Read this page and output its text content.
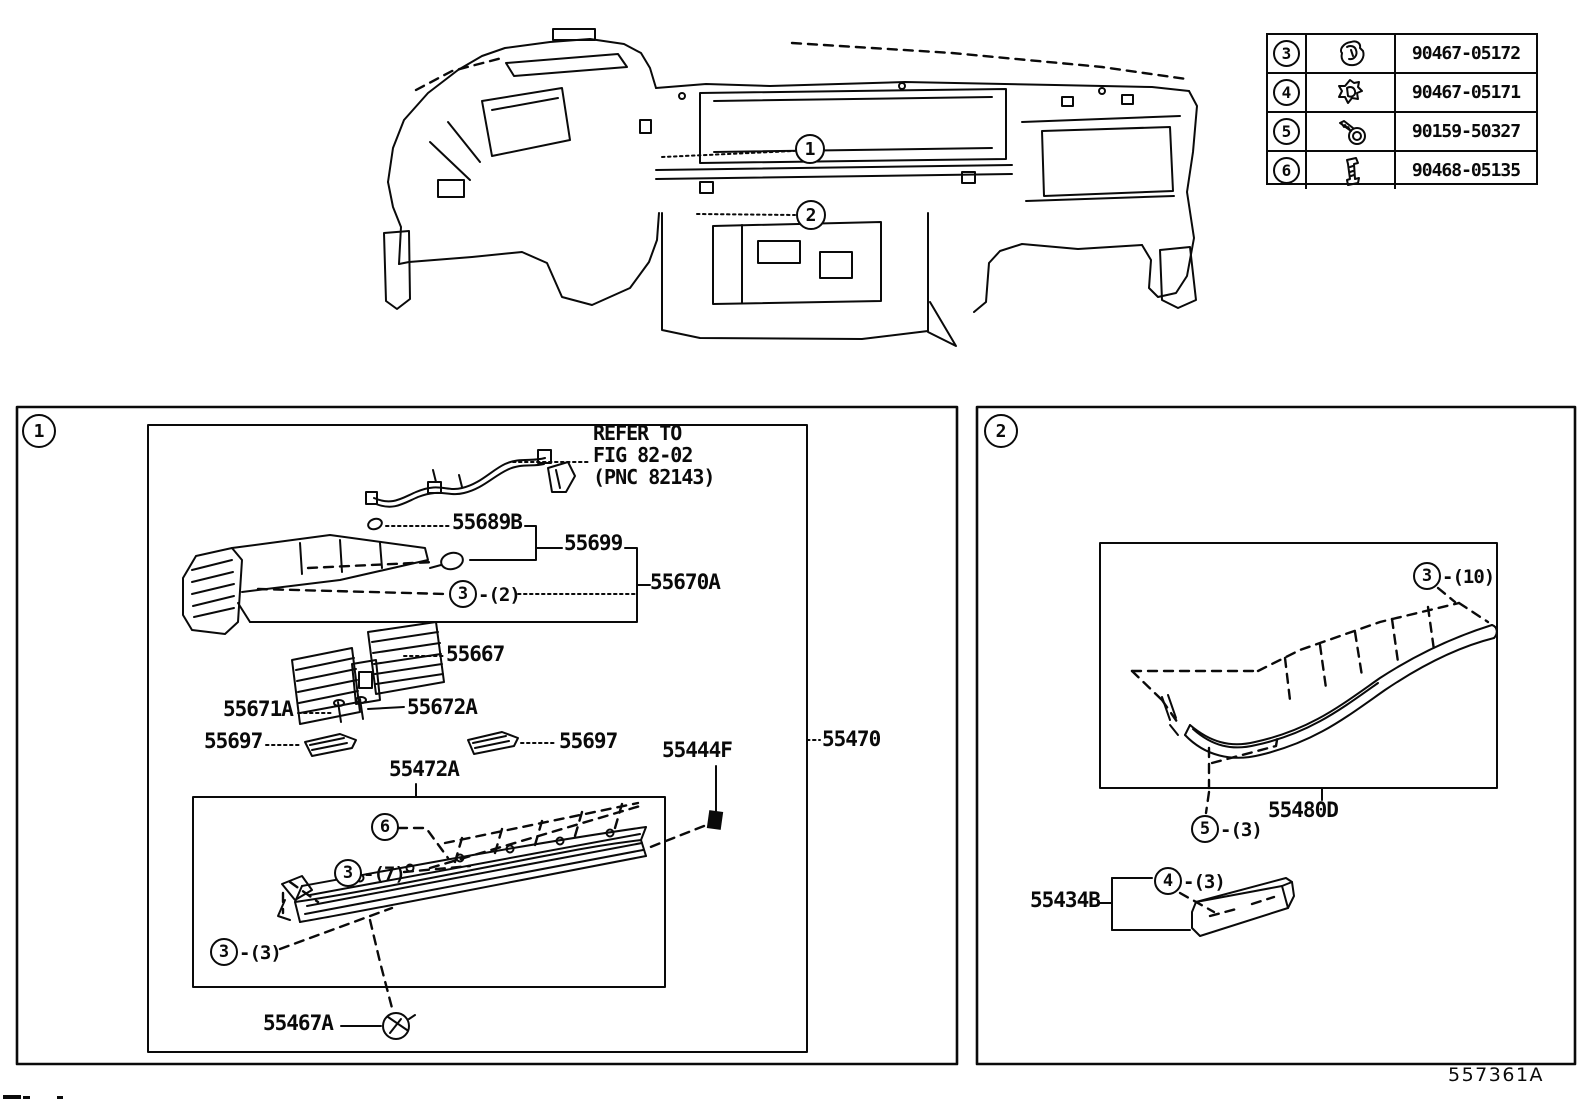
3	90467-05172
4	90467-05171
5	90159-50327
6	90468-05135
1
2
1	REFER TO
FIG 82-02
(PNC 82143)
55689B
55699
55670A
55667
55671A	55672A
55697	55697
55472A
55444F	55470
55467A
3 -(2)
6
3 -(7)
3 -(3)
2
55480D
55434B
3 -(10)
5 -(3)
4 -(3)
557361A
